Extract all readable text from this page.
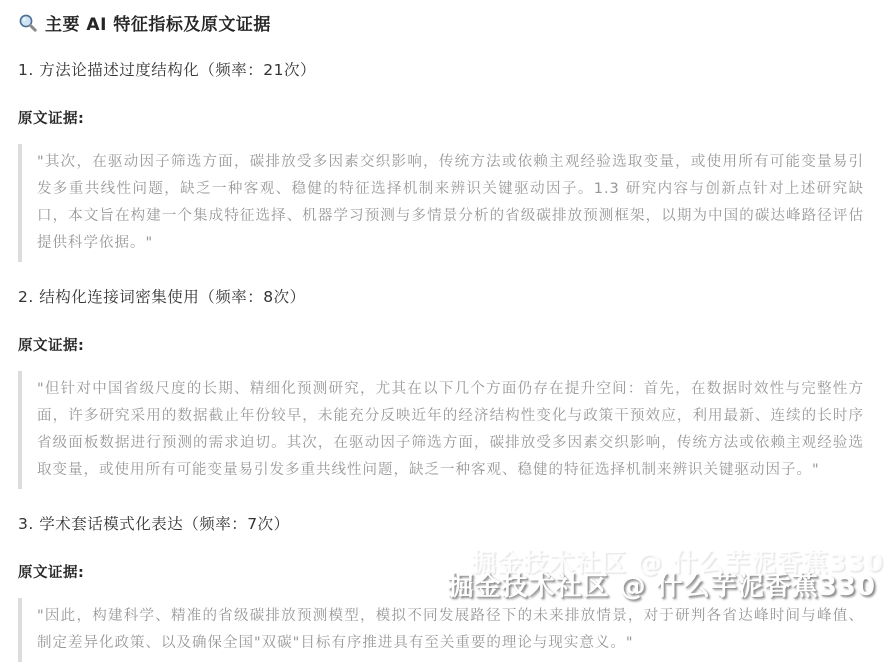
主要 AI 特征指标及原文证据
1. 方法论描述过度结构化（频率：21次）
原文证据:
"其次，在驱动因子筛选方面，碳排放受多因素交织影响，传统方法或依赖主观经验选取变量，或使用所有可能变量易引发多重共线性问题，缺乏一种客观、稳健的特征选择机制来辨识关键驱动因子。1.3 研究内容与创新点针对上述研究缺口，本文旨在构建一个集成特征选择、机器学习预测与多情景分析的省级碳排放预测框架，以期为中国的碳达峰路径评估提供科学依据。"
2. 结构化连接词密集使用（频率：8次）
原文证据:
"但针对中国省级尺度的长期、精细化预测研究，尤其在以下几个方面仍存在提升空间：首先，在数据时效性与完整性方面，许多研究采用的数据截止年份较早，未能充分反映近年的经济结构性变化与政策干预效应，利用最新、连续的长时序省级面板数据进行预测的需求迫切。其次，在驱动因子筛选方面，碳排放受多因素交织影响，传统方法或依赖主观经验选取变量，或使用所有可能变量易引发多重共线性问题，缺乏一种客观、稳健的特征选择机制来辨识关键驱动因子。"
3. 学术套话模式化表达（频率：7次）
原文证据:
"因此，构建科学、精准的省级碳排放预测模型，模拟不同发展路径下的未来排放情景，对于研判各省达峰时间与峰值、制定差异化政策、以及确保全国"双碳"目标有序推进具有至关重要的理论与现实意义。"
掘金技术社区 @ 什么芋泥香蕉330
掘金技术社区 @ 什么芋泥香蕉330
